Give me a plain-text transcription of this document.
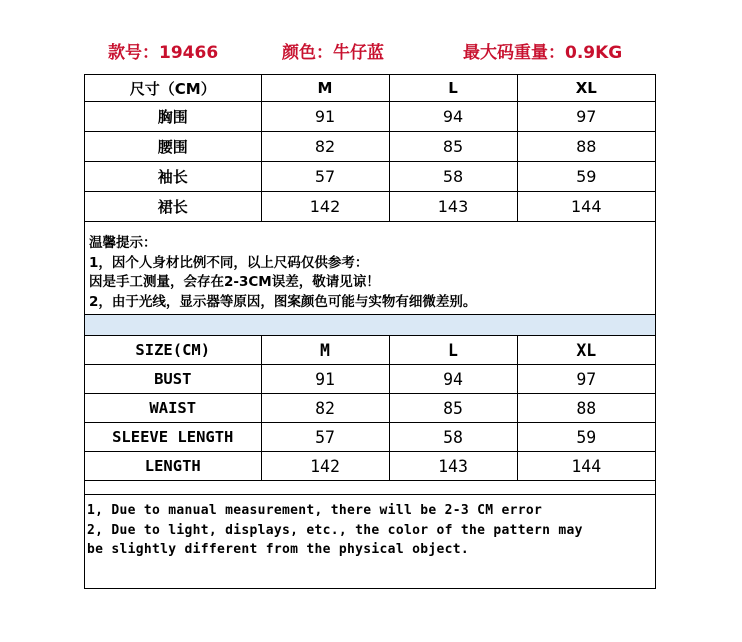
款号：19466	颜色：牛仔蓝	最大码重量：0.9KG
尺寸（CM）	M	L	XL
胸围	91	94	97
腰围	82	85	88
袖长	57	58	59
裙长	142	143	144
温馨提示：
1，因个人身材比例不同，以上尺码仅供参考：
因是手工测量，会存在2-3CM误差，敬请见谅！
2，由于光线，显示器等原因，图案颜色可能与实物有细微差别。
SIZE(CM)	M	L	XL
BUST	91	94	97
WAIST	82	85	88
SLEEVE LENGTH	57	58	59
LENGTH	142	143	144
1, Due to manual measurement, there will be 2-3 CM error
2, Due to light, displays, etc., the color of the pattern may
be slightly different from the physical object.
